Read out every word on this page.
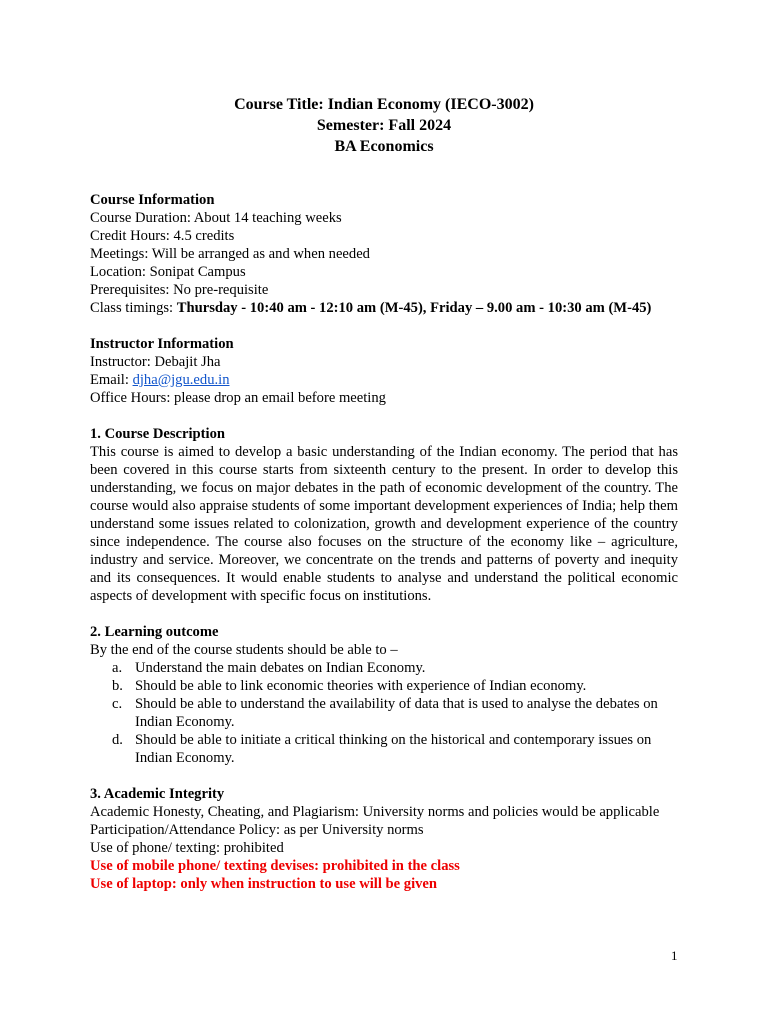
Course Title: Indian Economy (IECO-3002)
Semester: Fall 2024
BA Economics
Course Information
Course Duration: About 14 teaching weeks
Credit Hours: 4.5 credits
Meetings: Will be arranged as and when needed
Location: Sonipat Campus
Prerequisites: No pre-requisite
Class timings: Thursday - 10:40 am - 12:10 am (M-45), Friday – 9.00 am - 10:30 am (M-45)
Instructor Information
Instructor: Debajit Jha
Email: djha@jgu.edu.in
Office Hours: please drop an email before meeting
1. Course Description
This course is aimed to develop a basic understanding of the Indian economy. The period that has been covered in this course starts from sixteenth century to the present. In order to develop this understanding, we focus on major debates in the path of economic development of the country. The course would also appraise students of some important development experiences of India; help them understand some issues related to colonization, growth and development experience of the country since independence. The course also focuses on the structure of the economy like – agriculture, industry and service. Moreover, we concentrate on the trends and patterns of poverty and inequity and its consequences. It would enable students to analyse and understand the political economic aspects of development with specific focus on institutions.
2. Learning outcome
By the end of the course students should be able to –
a. Understand the main debates on Indian Economy.
b. Should be able to link economic theories with experience of Indian economy.
c. Should be able to understand the availability of data that is used to analyse the debates on Indian Economy.
d. Should be able to initiate a critical thinking on the historical and contemporary issues on Indian Economy.
3. Academic Integrity
Academic Honesty, Cheating, and Plagiarism: University norms and policies would be applicable
Participation/Attendance Policy: as per University norms
Use of phone/ texting: prohibited
Use of mobile phone/ texting devises: prohibited in the class
Use of laptop: only when instruction to use will be given
1
